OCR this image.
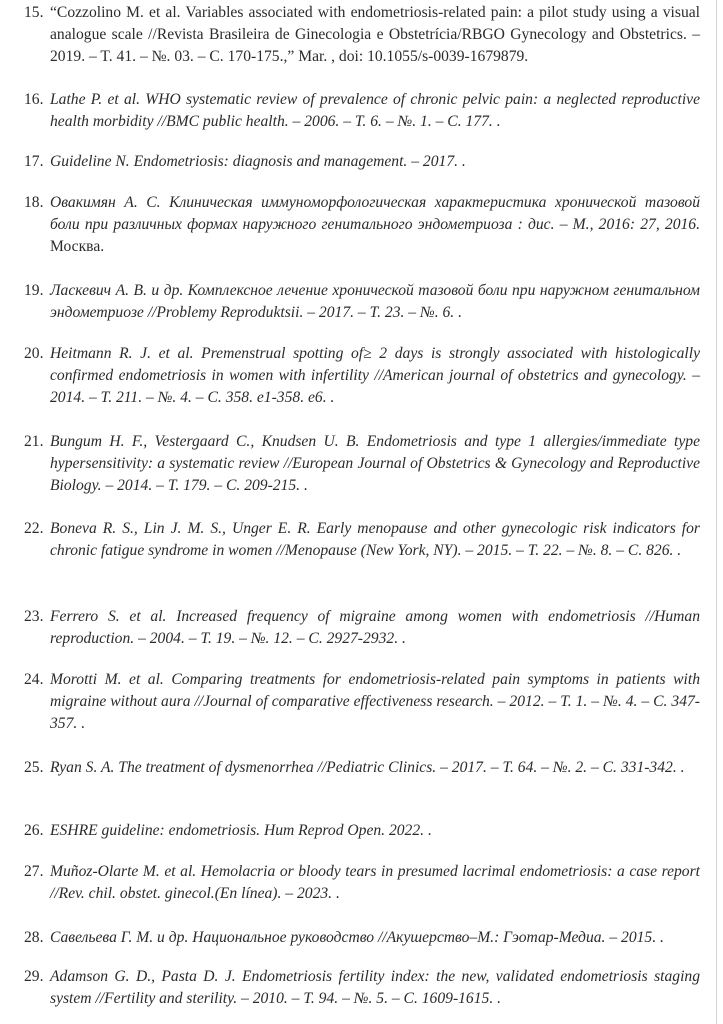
15. “Cozzolino M. et al. Variables associated with endometriosis-related pain: a pilot study using a visual analogue scale //Revista Brasileira de Ginecologia e Obstetrícia/RBGO Gynecology and Obstetrics. – 2019. – T. 41. – №. 03. – C. 170-175.,” Mar. , doi: 10.1055/s-0039-1679879.
16. Lathe P. et al. WHO systematic review of prevalence of chronic pelvic pain: a neglected reproductive health morbidity //BMC public health. – 2006. – T. 6. – №. 1. – C. 177. .
17. Guideline N. Endometriosis: diagnosis and management. – 2017. .
18. Овакимян А. С. Клиническая иммуноморфологическая характеристика хронической тазовой боли при различных формах наружного генитального эндометриоза : дис. – М., 2016: 27, 2016. Москва.
19. Ласкевич А. В. и др. Комплексное лечение хронической тазовой боли при наружном генитальном эндометриозе //Problemy Reproduktsii. – 2017. – T. 23. – №. 6. .
20. Heitmann R. J. et al. Premenstrual spotting of≥ 2 days is strongly associated with histologically confirmed endometriosis in women with infertility //American journal of obstetrics and gynecology. – 2014. – T. 211. – №. 4. – C. 358. e1-358. e6. .
21. Bungum H. F., Vestergaard C., Knudsen U. B. Endometriosis and type 1 allergies/immediate type hypersensitivity: a systematic review //European Journal of Obstetrics & Gynecology and Reproductive Biology. – 2014. – T. 179. – C. 209-215. .
22. Boneva R. S., Lin J. M. S., Unger E. R. Early menopause and other gynecologic risk indicators for chronic fatigue syndrome in women //Menopause (New York, NY). – 2015. – T. 22. – №. 8. – C. 826. .
23. Ferrero S. et al. Increased frequency of migraine among women with endometriosis //Human reproduction. – 2004. – T. 19. – №. 12. – C. 2927-2932. .
24. Morotti M. et al. Comparing treatments for endometriosis-related pain symptoms in patients with migraine without aura //Journal of comparative effectiveness research. – 2012. – T. 1. – №. 4. – C. 347-357. .
25. Ryan S. A. The treatment of dysmenorrhea //Pediatric Clinics. – 2017. – T. 64. – №. 2. – C. 331-342. .
26. ESHRE guideline: endometriosis. Hum Reprod Open. 2022. .
27. Muñoz-Olarte M. et al. Hemolacria or bloody tears in presumed lacrimal endometriosis: a case report //Rev. chil. obstet. ginecol.(En línea). – 2023. .
28. Савельева Г. М. и др. Национальное руководство //Акушерство–М.: Гэотар-Медиа. – 2015. .
29. Adamson G. D., Pasta D. J. Endometriosis fertility index: the new, validated endometriosis staging system //Fertility and sterility. – 2010. – T. 94. – №. 5. – C. 1609-1615. .
